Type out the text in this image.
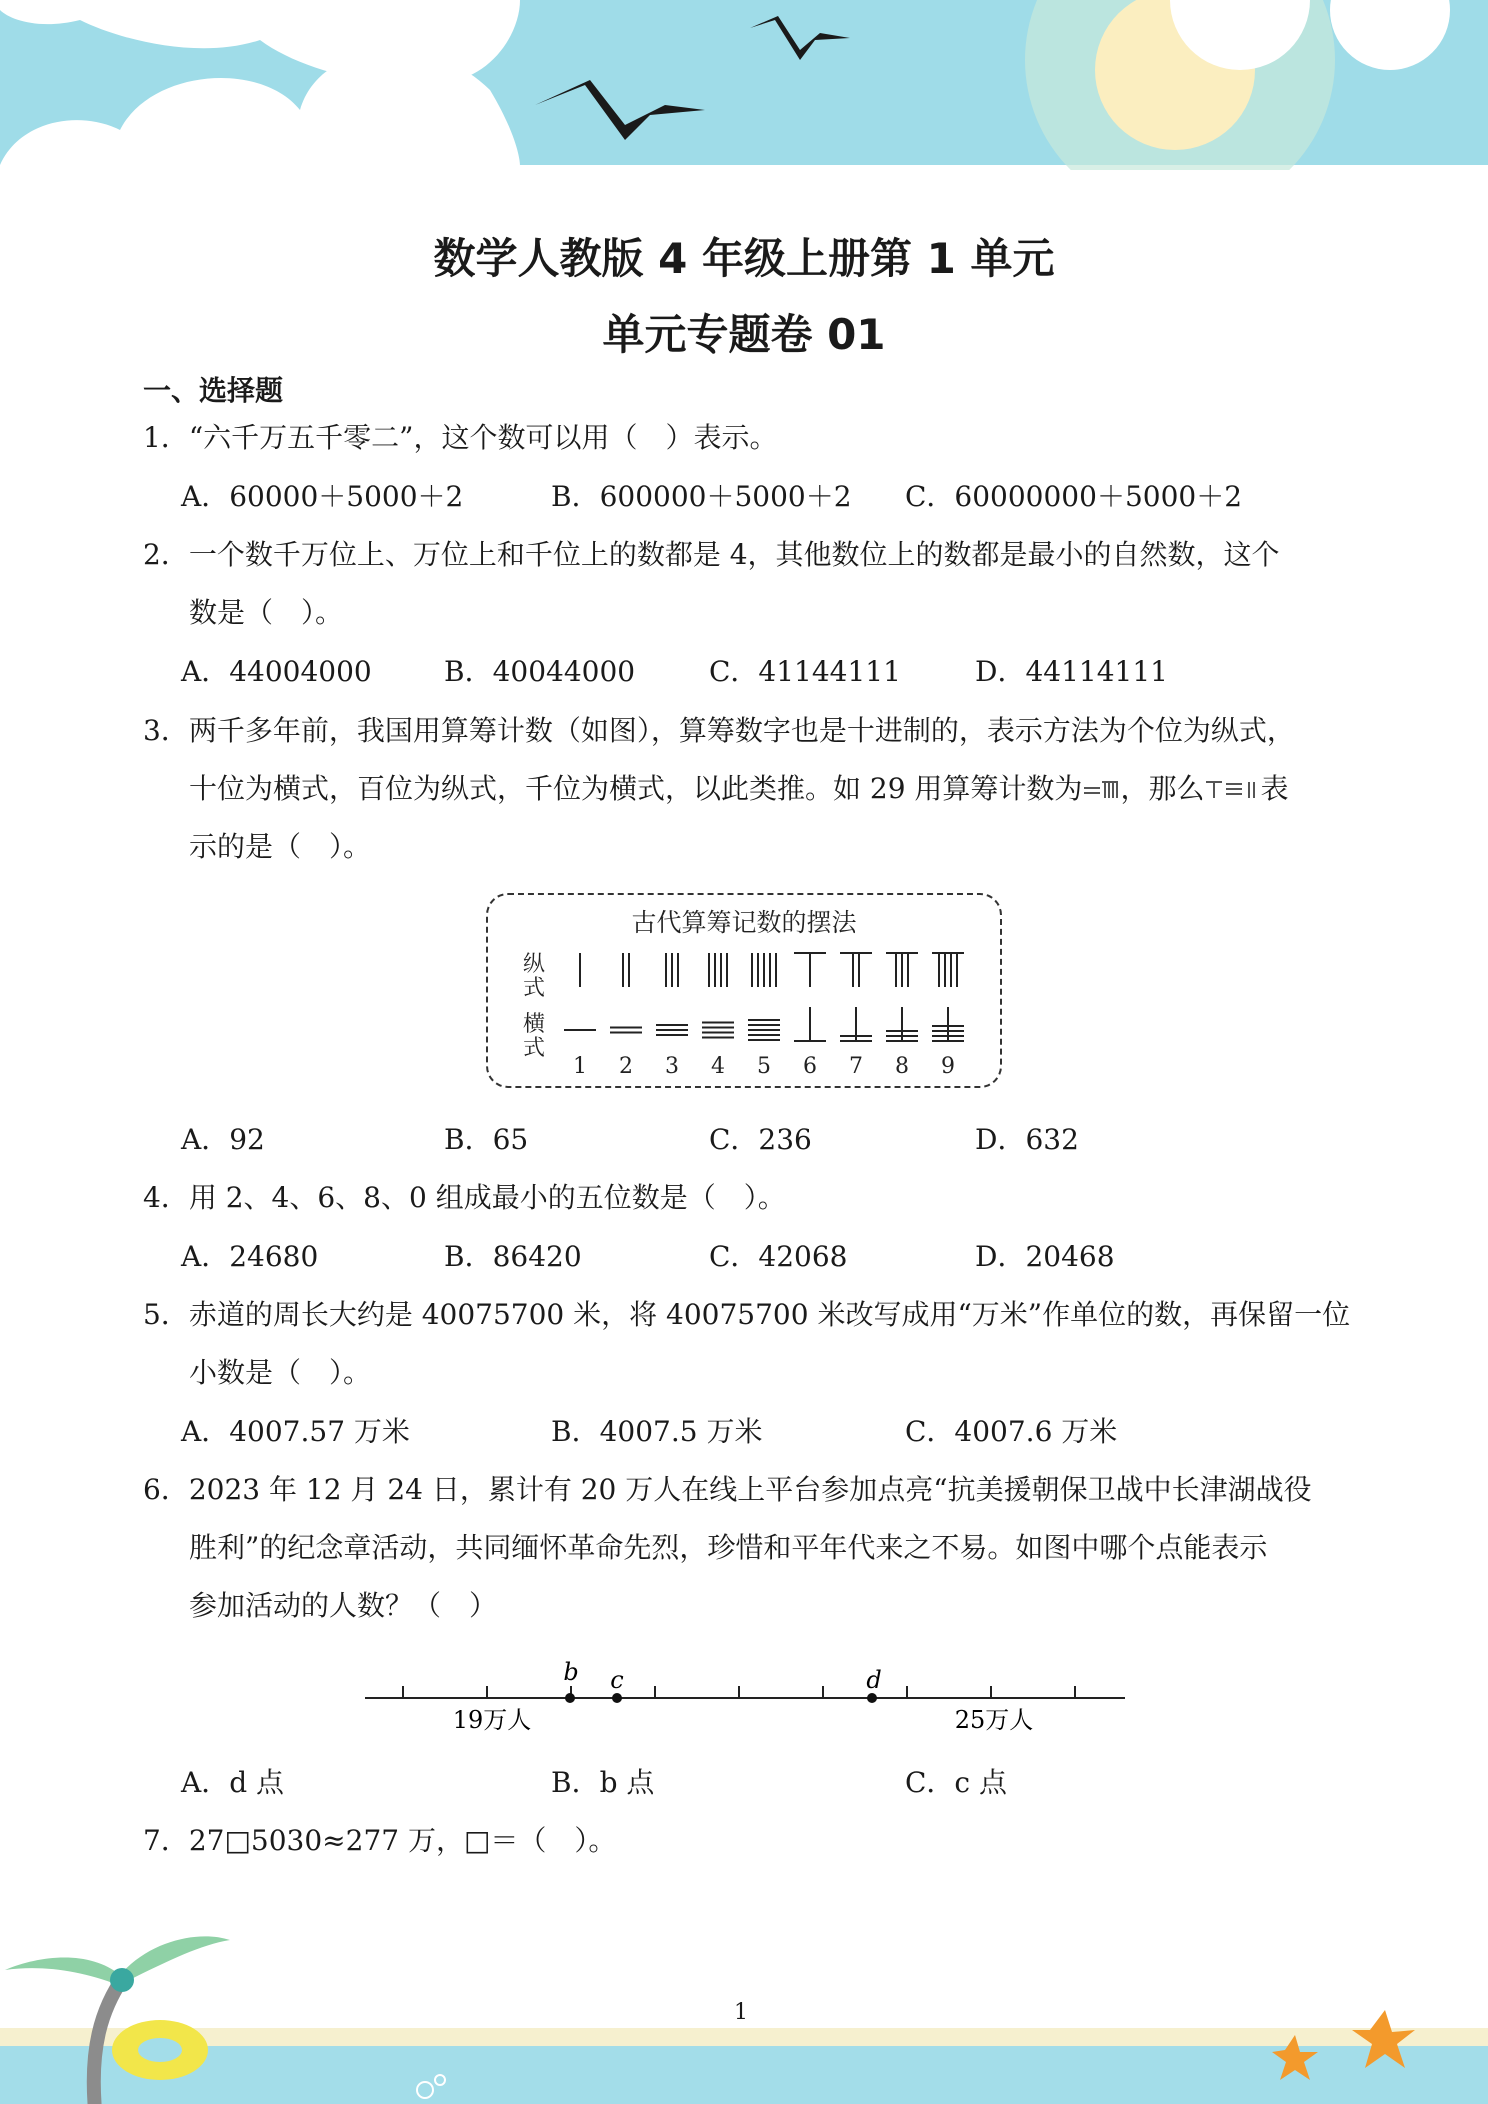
数学人教版 4 年级上册第 1 单元
单元专题卷 01
一、选择题
1．“六千万五千零二”，这个数可以用（　）表示。
A．60000＋5000＋2	B．600000＋5000＋2 C．60000000＋5000＋2
2．一个数千万位上、万位上和千位上的数都是 4，其他数位上的数都是最小的自然数，这个
数是（　）。
A．44004000	B．40044000	C．41144111	D．44114111
3．两千多年前，我国用算筹计数（如图），算筹数字也是十进制的，表示方法为个位为纵式，
十位为横式，百位为纵式，千位为横式，以此类推。如 29 用算筹计数为 ，那么 表
示的是（　）。
古代算筹记数的摆法
纵
式
横
式
1 2 3 4 5 6 7 8 9
A．92	B．65	C．236	D．632
4．用 2、4、6、8、0 组成最小的五位数是（　）。
A．24680	B．86420	C．42068	D．20468
5．赤道的周长大约是 40075700 米，将 40075700 米改写成用“万米”作单位的数，再保留一位
小数是（　）。
A．4007.57 万米	B．4007.5 万米	C．4007.6 万米
6．2023 年 12 月 24 日，累计有 20 万人在线上平台参加点亮“抗美援朝保卫战中长津湖战役
胜利”的纪念章活动，共同缅怀革命先烈，珍惜和平年代来之不易。如图中哪个点能表示
参加活动的人数？（　）
b c	d
19万人	25万人
A．d 点	B．b 点	C．c 点
7．27□5030≈277 万，□＝（　）。
1
